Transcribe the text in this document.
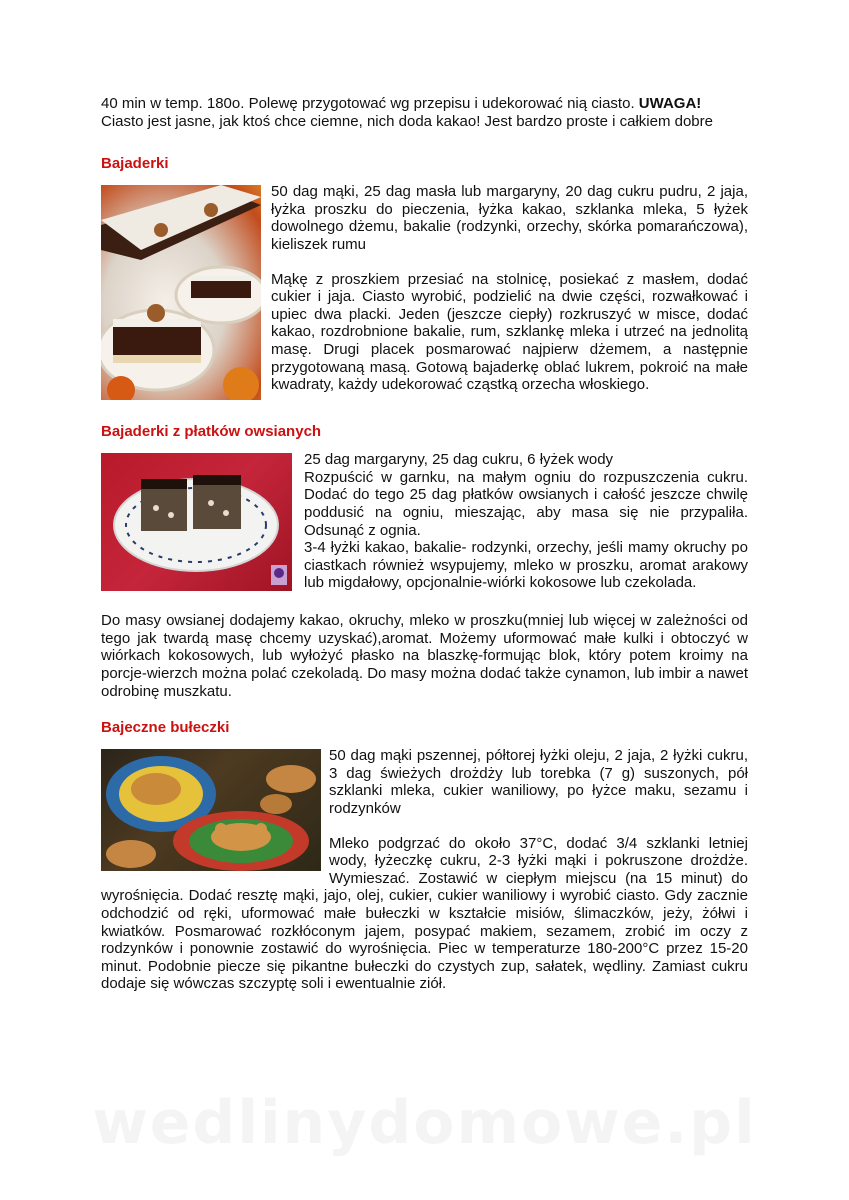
40 min w temp. 180o. Polewę przygotować wg przepisu i udekorować nią ciasto. UWAGA!
Ciasto jest jasne, jak ktoś chce ciemne, nich doda kakao! Jest bardzo proste i całkiem dobre

Bajaderki

50 dag mąki, 25 dag masła lub margaryny, 20 dag cukru pudru, 2 jaja, łyżka proszku do pieczenia, łyżka kakao, szklanka mleka, 5 łyżek dowolnego dżemu, bakalie (rodzynki, orzechy, skórka pomarańczowa), kieliszek rumu

Mąkę z proszkiem przesiać na stolnicę, posiekać z masłem, dodać cukier i jaja. Ciasto wyrobić, podzielić na dwie części, rozwałkować i upiec dwa placki. Jeden (jeszcze ciepły) rozkruszyć w misce, dodać kakao, rozdrobnione bakalie, rum, szklankę mleka i utrzeć na jednolitą masę. Drugi placek posmarować najpierw dżemem, a następnie przygotowaną masą. Gotową bajaderkę oblać lukrem, pokroić na małe kwadraty, każdy udekorować cząstką orzecha włoskiego.

Bajaderki z płatków owsianych

25 dag margaryny, 25 dag cukru, 6 łyżek wody

Rozpuścić w garnku, na małym ogniu do rozpuszczenia cukru. Dodać do tego 25 dag płatków owsianych i całość jeszcze chwilę poddusić na ogniu, mieszając, aby masa się nie przypaliła. Odsunąć z ognia.

3-4 łyżki kakao, bakalie- rodzynki, orzechy, jeśli mamy okruchy po ciastkach również wsypujemy, mleko w proszku, aromat arakowy lub migdałowy, opcjonalnie-wiórki kokosowe lub czekolada.

Do masy owsianej dodajemy kakao, okruchy, mleko w proszku(mniej lub więcej w zależności od tego jak twardą masę chcemy uzyskać),aromat. Możemy uformować małe kulki i obtoczyć w wiórkach kokosowych, lub wyłożyć płasko na blaszkę-formując blok, który potem kroimy na porcje-wierzch można polać czekoladą. Do masy można dodać także cynamon, lub imbir a nawet odrobinę muszkatu.

Bajeczne bułeczki

50 dag mąki pszennej, półtorej łyżki oleju, 2 jaja, 2 łyżki cukru, 3 dag świeżych drożdży lub torebka (7 g) suszonych, pół szklanki mleka, cukier waniliowy, po łyżce maku, sezamu i rodzynków

Mleko podgrzać do około 37°C, dodać 3/4 szklanki letniej wody, łyżeczkę cukru, 2-3 łyżki mąki i pokruszone drożdże. Wymieszać. Zostawić w ciepłym miejscu (na 15 minut) do wyrośnięcia. Dodać resztę mąki, jajo, olej, cukier, cukier waniliowy i wyrobić ciasto. Gdy zacznie odchodzić od ręki, uformować małe bułeczki w kształcie misiów, ślimaczków, jeży, żółwi i kwiatków. Posmarować rozkłóconym jajem, posypać makiem, sezamem, zrobić im oczy z rodzynków i ponownie zostawić do wyrośnięcia. Piec w temperaturze 180-200°C przez 15-20 minut. Podobnie piecze się pikantne bułeczki do czystych zup, sałatek, wędliny. Zamiast cukru dodaje się wówczas szczyptę soli i ewentualnie ziół.

wedlinydomowe.pl
